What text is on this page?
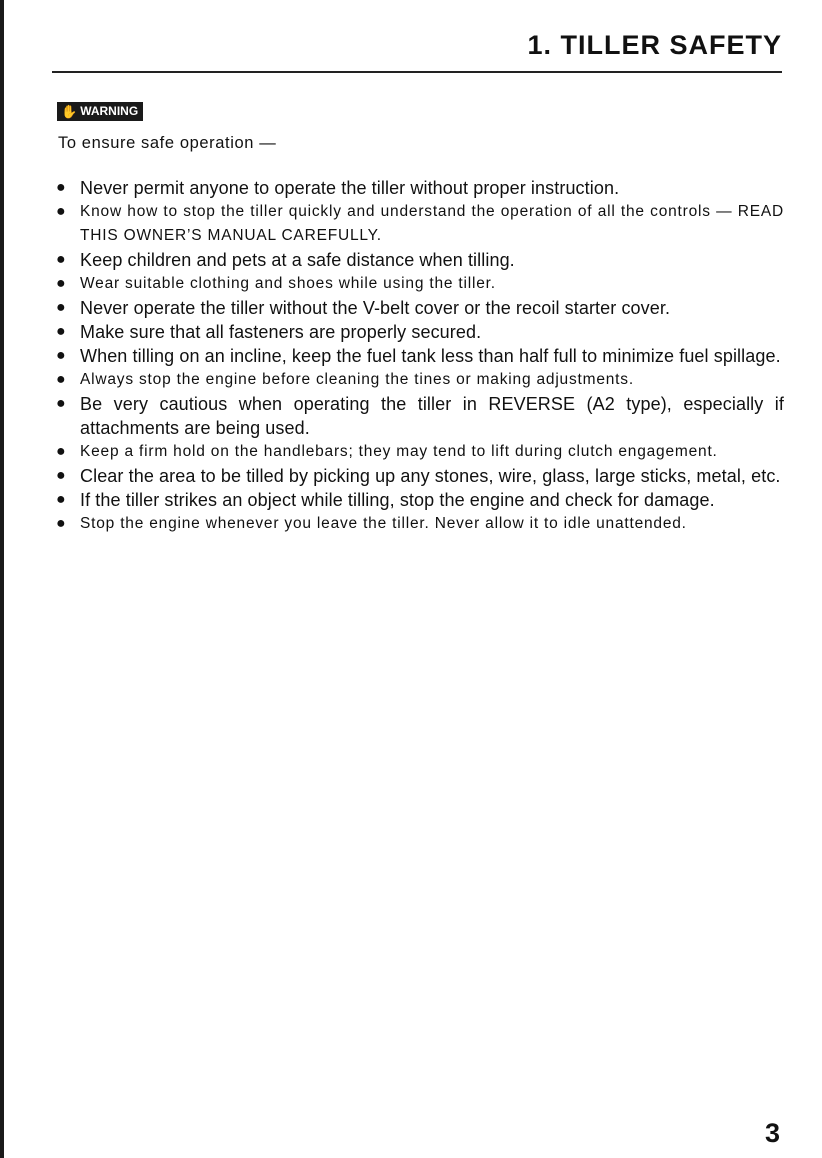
1. TILLER SAFETY
✋ WARNING
To ensure safe operation —
● Never permit anyone to operate the tiller without proper instruction.
● Know how to stop the tiller quickly and understand the operation of all the controls — READ THIS OWNER’S MANUAL CAREFULLY.
● Keep children and pets at a safe distance when tilling.
● Wear suitable clothing and shoes while using the tiller.
● Never operate the tiller without the V-belt cover or the recoil starter cover.
● Make sure that all fasteners are properly secured.
● When tilling on an incline, keep the fuel tank less than half full to minimize fuel spillage.
● Always stop the engine before cleaning the tines or making adjustments.
● Be very cautious when operating the tiller in REVERSE (A2 type), especially if attachments are being used.
● Keep a firm hold on the handlebars; they may tend to lift during clutch engagement.
● Clear the area to be tilled by picking up any stones, wire, glass, large sticks, metal, etc.
● If the tiller strikes an object while tilling, stop the engine and check for damage.
● Stop the engine whenever you leave the tiller. Never allow it to idle unattended.
3
